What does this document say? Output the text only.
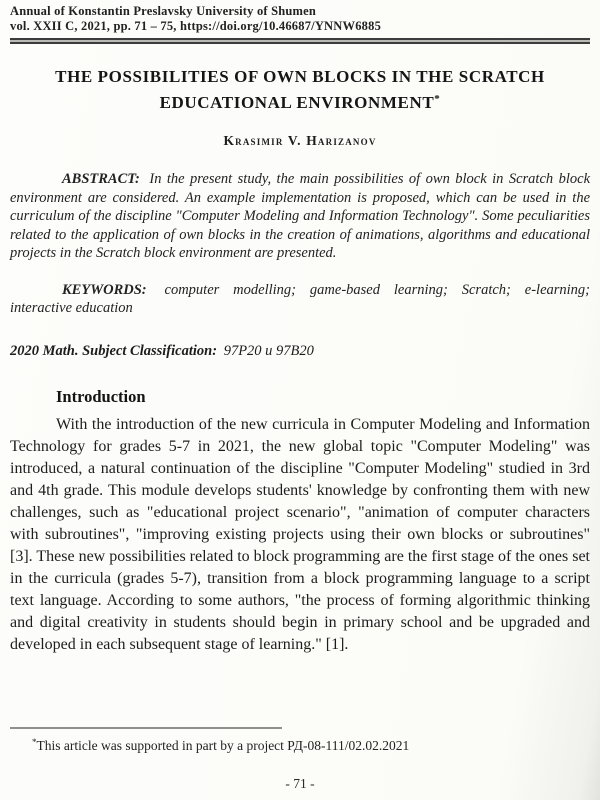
Annual of Konstantin Preslavsky University of Shumen
vol. XXII C, 2021, pp. 71 – 75, https://doi.org/10.46687/YNNW6885
THE POSSIBILITIES OF OWN BLOCKS IN THE SCRATCH
EDUCATIONAL ENVIRONMENT*
Krasimir V. Harizanov

ABSTRACT: In the present study, the main possibilities of own block in Scratch block environment are considered. An example implementation is proposed, which can be used in the curriculum of the discipline "Computer Modeling and Information Technology". Some peculiarities related to the application of own blocks in the creation of animations, algorithms and educational projects in the Scratch block environment are presented.

KEYWORDS: computer modelling; game-based learning; Scratch; e-learning; interactive education

2020 Math. Subject Classification: 97P20 и 97B20

Introduction

With the introduction of the new curricula in Computer Modeling and Information Technology for grades 5-7 in 2021, the new global topic "Computer Modeling" was introduced, a natural continuation of the discipline "Computer Modeling" studied in 3rd and 4th grade. This module develops students' knowledge by confronting them with new challenges, such as "educational project scenario", "animation of computer characters with subroutines", "improving existing projects using their own blocks or subroutines" [3]. These new possibilities related to block programming are the first stage of the ones set in the curricula (grades 5-7), transition from a block programming language to a script text language. According to some authors, "the process of forming algorithmic thinking and digital creativity in students should begin in primary school and be upgraded and developed in each subsequent stage of learning." [1].

*This article was supported in part by a project РД-08-111/02.02.2021

- 71 -
